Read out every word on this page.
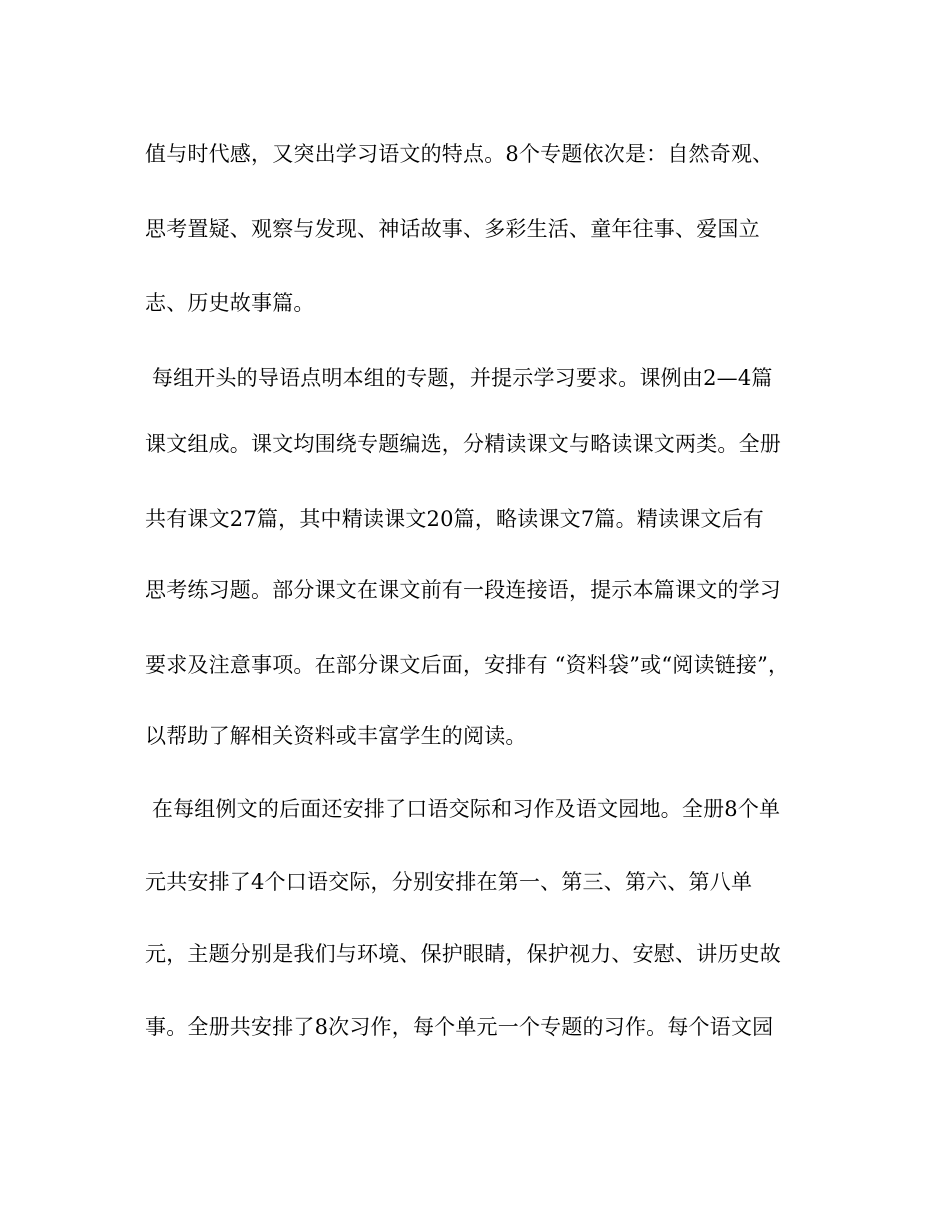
值与时代感，又突出学习语文的特点。8个专题依次是：自然奇观、
思考置疑、观察与发现、神话故事、多彩生活、童年往事、爱国立
志、历史故事篇。
每组开头的导语点明本组的专题，并提示学习要求。课例由2—4篇
课文组成。课文均围绕专题编选，分精读课文与略读课文两类。全册
共有课文27篇，其中精读课文20篇，略读课文7篇。精读课文后有
思考练习题。部分课文在课文前有一段连接语，提示本篇课文的学习
要求及注意事项。在部分课文后面，安排有 “资料袋”或“阅读链接”，
以帮助了解相关资料或丰富学生的阅读。
在每组例文的后面还安排了口语交际和习作及语文园地。全册8个单
元共安排了4个口语交际，分别安排在第一、第三、第六、第八单
元，主题分别是我们与环境、保护眼睛，保护视力、安慰、讲历史故
事。全册共安排了8次习作，每个单元一个专题的习作。每个语文园
